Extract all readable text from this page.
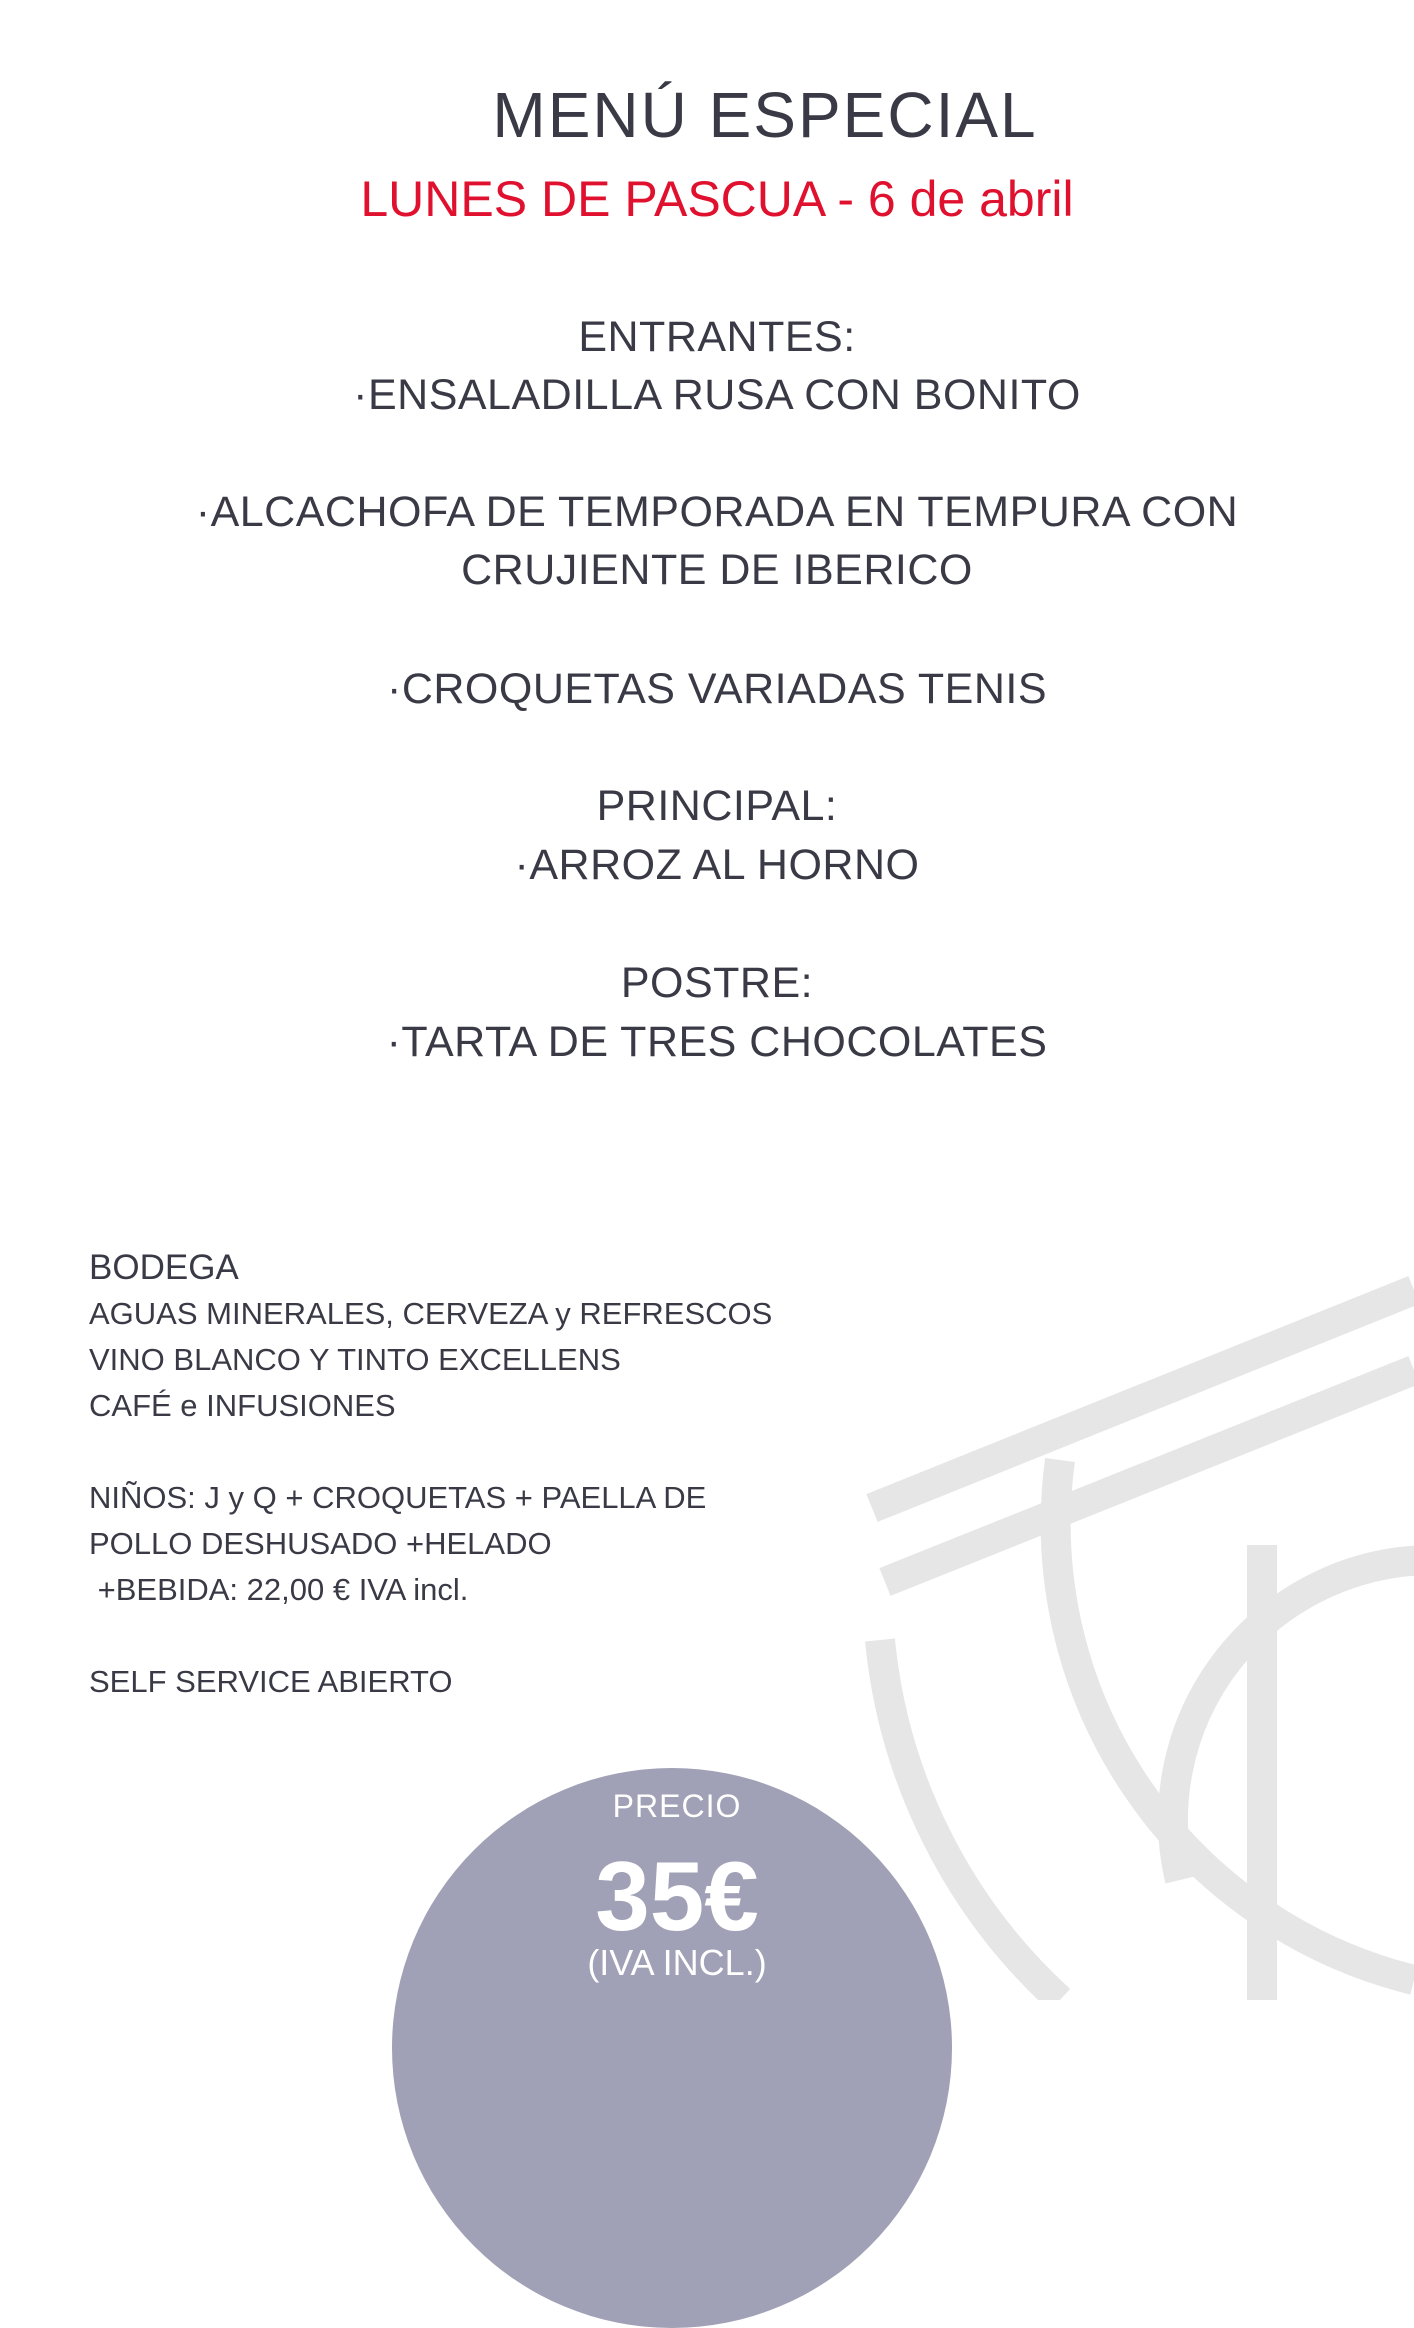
MENÚ ESPECIAL
LUNES DE PASCUA - 6 de abril
ENTRANTES:
·ENSALADILLA RUSA CON BONITO
·ALCACHOFA DE TEMPORADA EN TEMPURA CON
CRUJIENTE DE IBERICO
·CROQUETAS VARIADAS TENIS
PRINCIPAL:
·ARROZ AL HORNO
POSTRE:
·TARTA DE TRES CHOCOLATES
BODEGA
AGUAS MINERALES, CERVEZA y REFRESCOS
VINO BLANCO Y TINTO EXCELLENS
CAFÉ e INFUSIONES
NIÑOS: J y Q + CROQUETAS + PAELLA DE
POLLO DESHUSADO +HELADO
+BEBIDA: 22,00 € IVA incl.
SELF SERVICE ABIERTO
PRECIO
35€
(IVA INCL.)
